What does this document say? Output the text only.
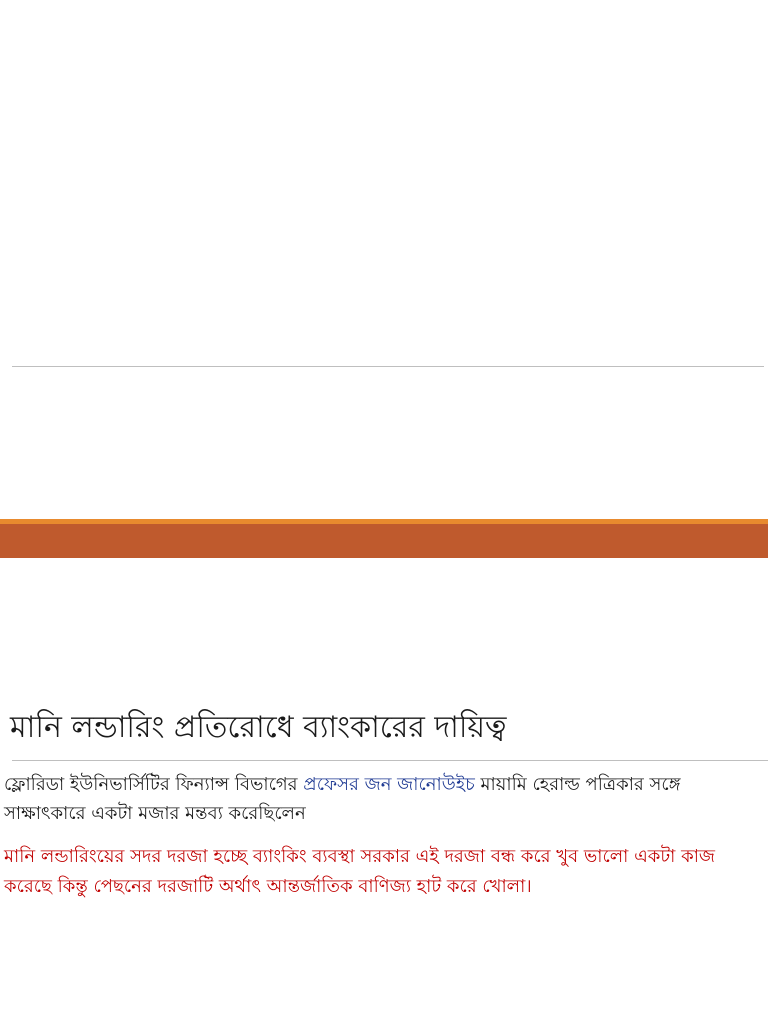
মানি লন্ডারিং প্রতিরোধে ব্যাংকারের দায়িত্ব

ফ্লোরিডা ইউনিভার্সিটির ফিন্যান্স বিভাগের প্রফেসর জন জানোউইচ মায়ামি হেরাল্ড পত্রিকার সঙ্গে সাক্ষাৎকারে একটা মজার মন্তব্য করেছিলেন

মানি লন্ডারিংয়ের সদর দরজা হচ্ছে ব্যাংকিং ব্যবস্থা সরকার এই দরজা বন্ধ করে খুব ভালো একটা কাজ করেছে কিন্তু পেছনের দরজাটি অর্থাৎ আন্তর্জাতিক বাণিজ্য হাট করে খোলা।
